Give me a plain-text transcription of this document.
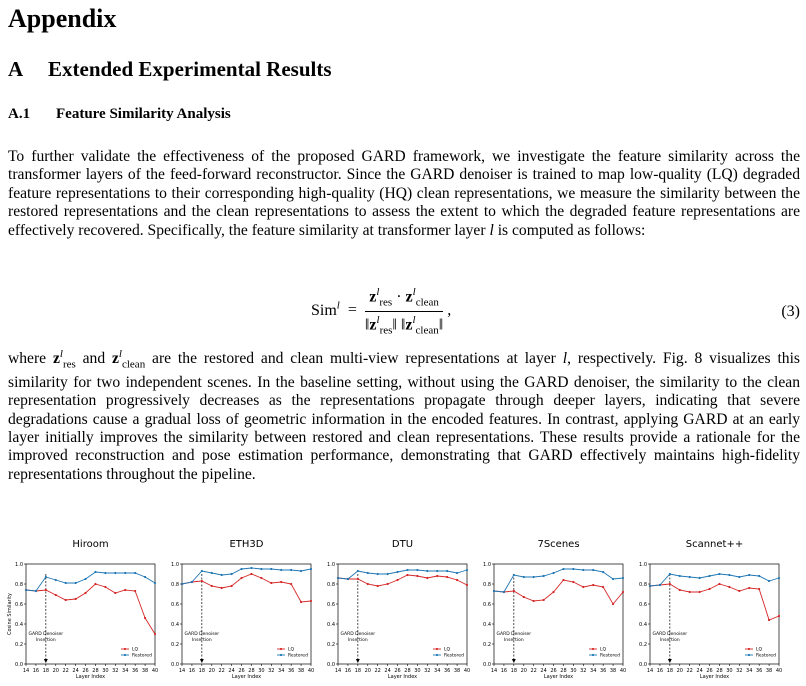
Appendix
A Extended Experimental Results
A.1 Feature Similarity Analysis

To further validate the effectiveness of the proposed GARD framework, we investigate the feature similarity across the transformer layers of the feed-forward reconstructor. Since the GARD denoiser is trained to map low-quality (LQ) degraded feature representations to their corresponding high-quality (HQ) clean representations, we measure the similarity between the restored representations and the clean representations to assess the extent to which the degraded feature representations are effectively recovered. Specifically, the feature similarity at transformer layer l is computed as follows:

$Sim^l = \frac{z^l_{res} \cdot z^l_{clean}}{‖z^l_{res}‖ ‖z^l_{clean}‖}$ ,	(3)

where $z^l_{res}$ and $z^l_{clean}$ are the restored and clean multi-view representations at layer l, respectively. Fig. 8 visualizes this similarity for two independent scenes. In the baseline setting, without using the GARD denoiser, the similarity to the clean representation progressively decreases as the representations propagate through deeper layers, indicating that severe degradations cause a gradual loss of geometric information in the encoded features. In contrast, applying GARD at an early layer initially improves the similarity between restored and clean representations. These results provide a rationale for the improved reconstruction and pose estimation performance, demonstrating that GARD effectively maintains high-fidelity representations throughout the pipeline.

Hiroom
0.0
0.2
0.4
0.6
0.8
1.0
14 16 18 20 22 24 26 28 30 32 34 36 38 40
Layer Index
Cosine Similarity	GARD Denoiser
Insertion
LQ
Restored
ETH3D
0.0
0.2
0.4
0.6
0.8
1.0
14 16 18 20 22 24 26 28 30 32 34 36 38 40
Layer Index
GARD Denoiser
Insertion
LQ
Restored
DTU
0.0
0.2
0.4
0.6
0.8
1.0
14 16 18 20 22 24 26 28 30 32 34 36 38 40
Layer Index
GARD Denoiser
Insertion
LQ
Restored
7Scenes
0.0
0.2
0.4
0.6
0.8
1.0
14 16 18 20 22 24 26 28 30 32 34 36 38 40
Layer Index
GARD Denoiser
Insertion
LQ
Restored
Scannet++
0.0
0.2
0.4
0.6
0.8
1.0
14 16 18 20 22 24 26 28 30 32 34 36 38 40
Layer Index
GARD Denoiser
Insertion
LQ
Restored
